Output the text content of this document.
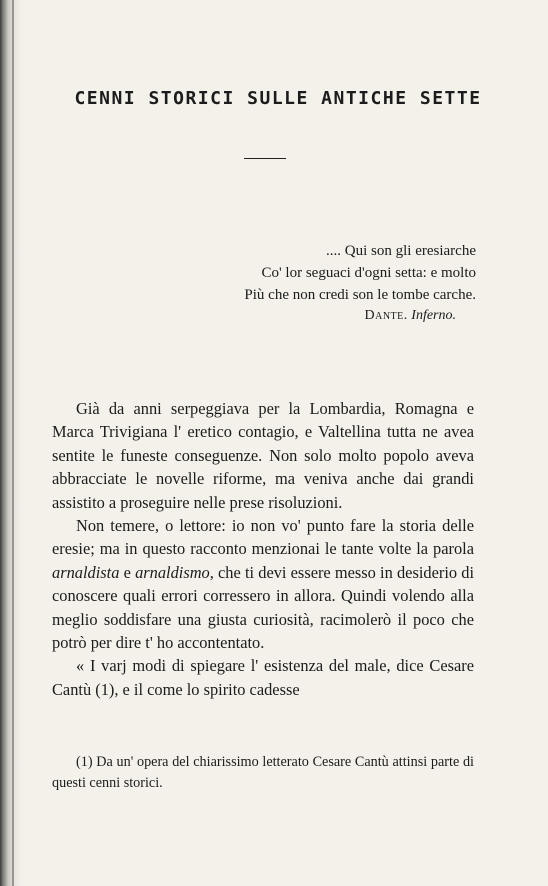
CENNI STORICI SULLE ANTICHE SETTE
.... Qui son gli eresiarche
Co' lor seguaci d'ogni setta: e molto
Più che non credi son le tombe carche.
Dante. Inferno.

Già da anni serpeggiava per la Lombardia, Romagna e Marca Trivigiana l' eretico contagio, e Valtellina tutta ne avea sentite le funeste conseguenze. Non solo molto popolo aveva abbracciate le novelle riforme, ma veniva anche dai grandi assistito a proseguire nelle prese risoluzioni.

Non temere, o lettore: io non vo' punto fare la storia delle eresie; ma in questo racconto menzionai le tante volte la parola arnaldista e arnaldismo, che ti devi essere messo in desiderio di conoscere quali errori corressero in allora. Quindi volendo alla meglio soddisfare una giusta curiosità, racimolerò il poco che potrò per dire t' ho accontentato.

« I varj modi di spiegare l' esistenza del male, dice Cesare Cantù (1), e il come lo spirito cadesse

(1) Da un' opera del chiarissimo letterato Cesare Cantù attinsi parte di questi cenni storici.
